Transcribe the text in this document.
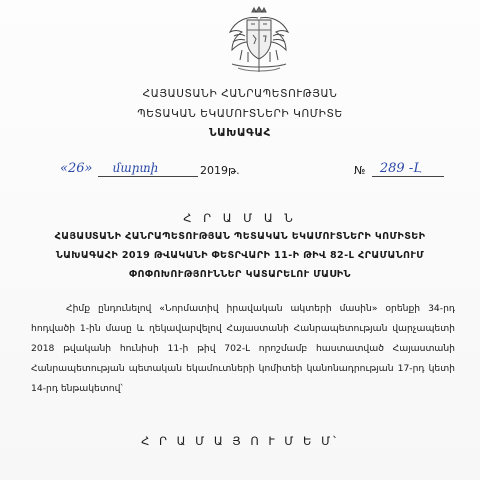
ՀԱՅԱՍՏԱՆԻ ՀԱՆՐԱՊԵՏՈՒԹՅԱՆ
ՊԵՏԱԿԱՆ ԵԿԱՄՈՒՏՆԵՐԻ ԿՈՄԻՏԵ
ՆԱԽԱԳԱՀ
«26»	մարտի	2019թ.	№ 289 -Լ
Հ Ր Ա Մ Ա Ն
ՀԱՅԱՍՏԱՆԻ ՀԱՆՐԱՊԵՏՈՒԹՅԱՆ ՊԵՏԱԿԱՆ ԵԿԱՄՈՒՏՆԵՐԻ ԿՈՄԻՏԵԻ
ՆԱԽԱԳԱՀԻ 2019 ԹՎԱԿԱՆԻ ՓԵՏՐՎԱՐԻ 11-Ի ԹԻՎ 82-Լ ՀՐԱՄԱՆՈՒՄ
ՓՈՓՈԽՈՒԹՅՈՒՆՆԵՐ ԿԱՏԱՐԵԼՈՒ ՄԱՍԻՆ
Հիմք ընդունելով «Նորմատիվ իրավական ակտերի մասին» օրենքի 34-րդ
հոդվածի 1-ին մասը և ղեկավարվելով Հայաստանի Հանրապետության վարչապետի
2018 թվականի հունիսի 11-ի թիվ 702-Լ որոշմամբ հաստատված Հայաստանի
Հանրապետության պետական եկամուտների կոմիտեի կանոնադրության 17-րդ կետի
14-րդ ենթակետով՝
Հ Ր Ա Մ Ա Յ Ո Ւ Մ Ե Մ՝
